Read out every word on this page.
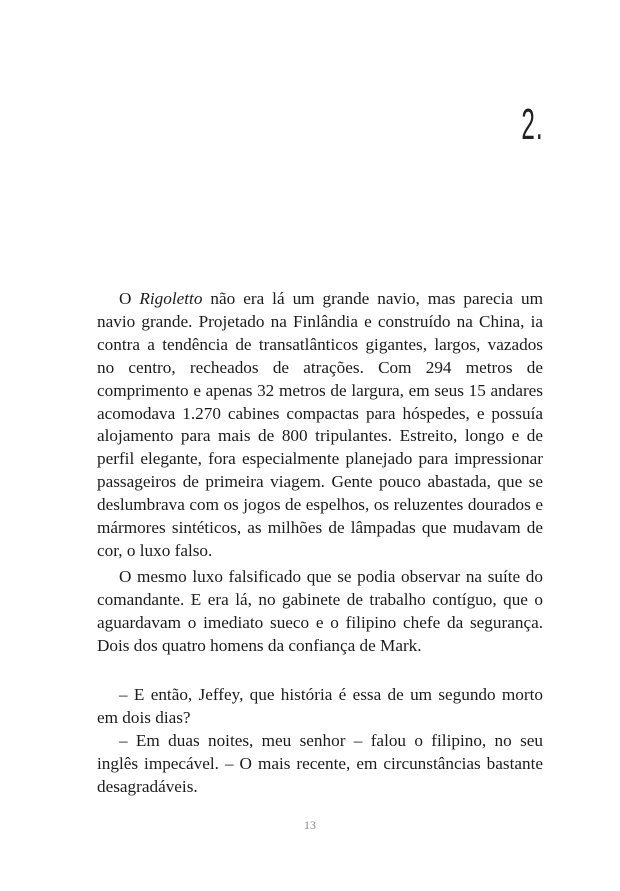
2.

O Rigoletto não era lá um grande navio, mas parecia um navio grande. Projetado na Finlândia e construído na China, ia contra a tendência de transatlânticos gigantes, largos, vazados no centro, recheados de atrações. Com 294 metros de comprimento e apenas 32 metros de largura, em seus 15 andares acomodava 1.270 cabines compactas para hóspedes, e possuía alojamento para mais de 800 tripulantes. Estreito, longo e de perfil elegante, fora especialmente planejado para impressionar passageiros de primeira viagem. Gente pouco abastada, que se deslumbrava com os jogos de espelhos, os reluzentes dourados e mármores sintéticos, as milhões de lâmpadas que mudavam de cor, o luxo falso.

O mesmo luxo falsificado que se podia observar na suíte do comandante. E era lá, no gabinete de trabalho contíguo, que o aguardavam o imediato sueco e o filipino chefe da segurança. Dois dos quatro homens da confiança de Mark.

– E então, Jeffey, que história é essa de um segundo morto em dois dias?

– Em duas noites, meu senhor – falou o filipino, no seu inglês impecável. – O mais recente, em circunstâncias bastante desagradáveis.

13
